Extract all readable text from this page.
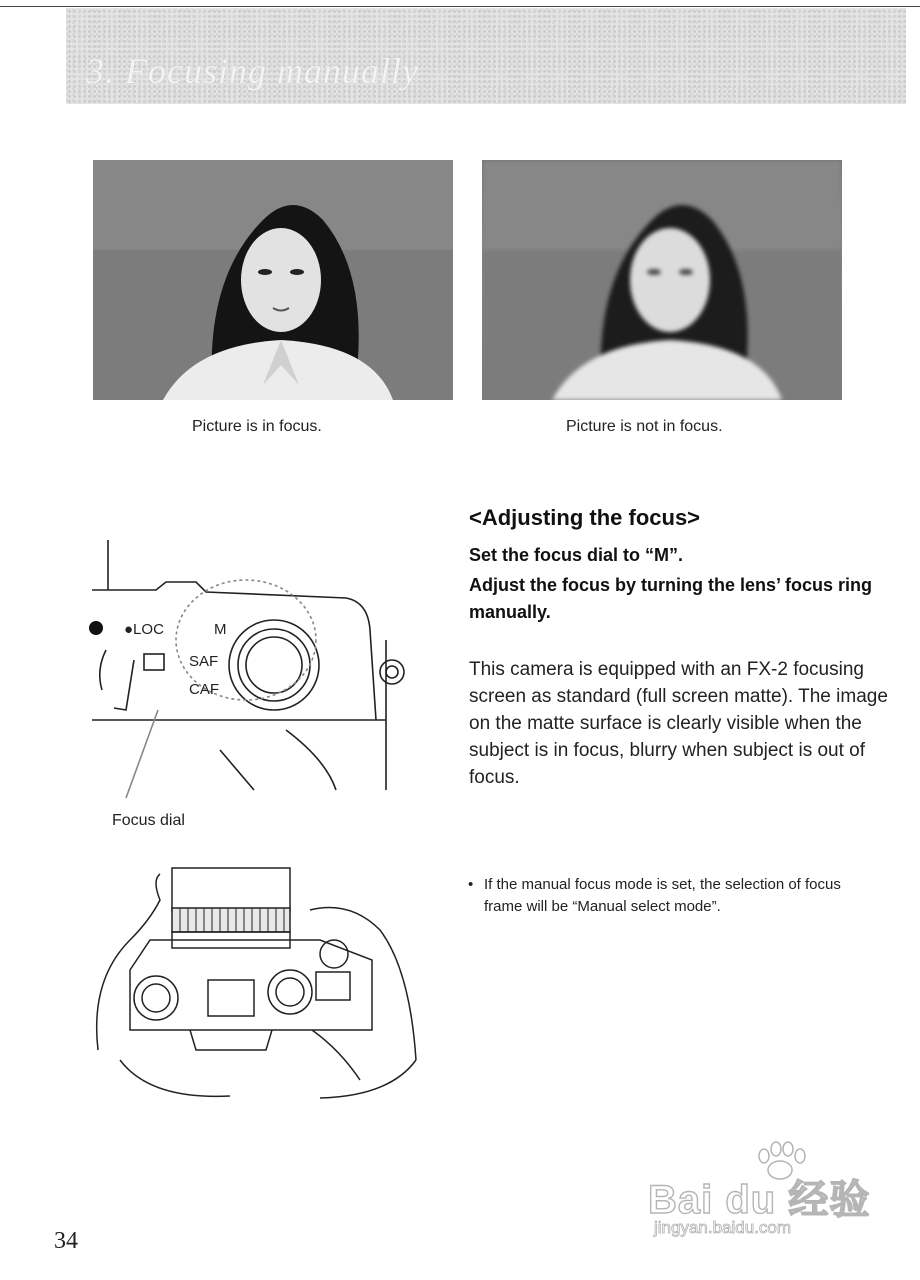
3. Focusing manually
Picture is in focus.	Picture is not in focus.
●LOC	M
SAF
CAF
Focus dial
<Adjusting the focus>
Set the focus dial to “M”.
Adjust the focus by turning the lens’ focus ring manually.

This camera is equipped with an FX-2 focusing screen as standard (full screen matte). The image on the matte surface is clearly visible when the subject is in focus, blurry when subject is out of focus.

• If the manual focus mode is set, the selection of focus frame will be “Manual select mode”.
34
Bai du 经验
jingyan.baidu.com
